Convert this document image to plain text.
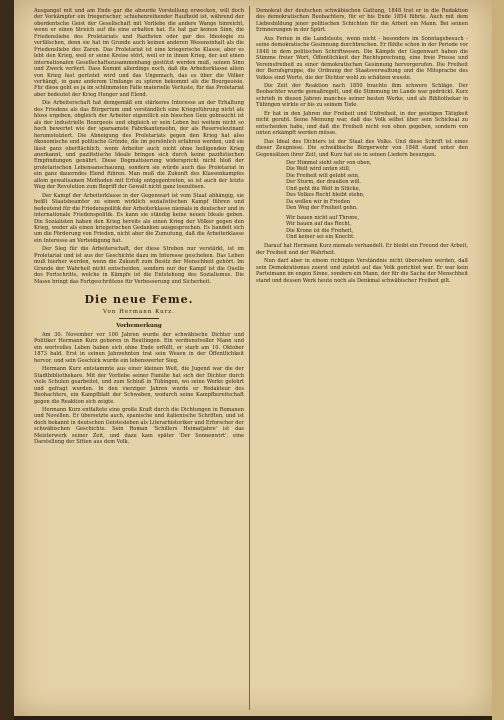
Ausgangel mit und am Ende gar die absurde Vorstellung erwecken, will doch der Vorkämpfer ein friegerischer, schiebenreihender Raufbold ist, während der oberdentsche Geist der Gesellschaft mit Vorliebe die andere Wange hinreicht, wenn er einen Streich auf die eine erhalten hat. Es hat gar keinen Sinn, die Friedensliebe des Proletariats und Pazifisten oder gar des Ideologie zu verfälschen, denn sie hat im Grunde auch keinen anderen Wesensinhalt als die Friedensliebe des Zaren. Das Proletariat ist eine kriegerische Klasse, aber es lebt den Krieg, weil er seine Kreise stört, weil er in ihnen Krieg, der auf einen internationalen Gesellschaftszusammenhang gestützt werden muß, seinen Sinn und Zweck verliert. Dass Kommt allerdings noch, daß die Arbeiterklasse allein von Krieg fast gerüstet wird und das Ungemach, das es über die Völker verhängt, in ganz anderem Umfange zu spüren bekommt als die Bourgeoisie. Für diese geht es ja im schlimmsten Falle materielle Verluste, für das Proletariat aber bedeutet der Krieg Hunger und Elend.

Die Arbeiterschaft hat demgemäß ein stärkeres Interesse an der Erhaltung des Friedens als das Bürgertum und verständlich eine Kriegsführung nicht als bloss ergeben, obgleich der Arbeiter eigentlich ein bisschen Geiz gebraucht ist als der industrielle Bourgeois und obgleich er sein Leben bei weitem nicht so hoch bewertet wie der sparsamste Fabrikantensohn, der als Reserveleutnant herumstolziert. Die Abneigung des Proletariats gegen den Krieg hat also ökonomische und politische Gründe, die im persönlich erfahren werden, und sie lässt ganz oberflächlich, wenn Arbeiter auch nicht ohne heiligenden Krieg anerkannt, und pazifistische Ideale bringen sich durch keine pazifistischen Empfindungen genährt. Diese Dogmatisierung widerspricht nicht bloß der proletarischen Lebensanschauung, sondern sie würde auch das Proletariat in ein ganz dauerndes Elend führen. Man muß die Zukunft des Klassenkampfes allem gewaltsamen Methoden mit Erfolg entgegentreten, so ist auch der letzte Weg der Revolution zum Begriff der Gewalt nicht ganz loszulösen.

Der Kampf der Arbeiterklasse in der Gegenwart ist vom Staat abhängig, sie heißt Staatsbeamter zu einem wirklich sozialistischen Kampf führen und bedeutend für die Friedenspolitik der Arbeiterklasse niemals in deutscher und in internationale Friedenspolitik. Es kann sie ständig keine neuen Ideale geben. Die Sozialisten haben den Krieg bereits als einen Krieg der Völker gegen den Krieg, weder als einen kriegerischen Gedanken ausgesprochen. Es handelt sich um die Förderung von Frieden, nicht aber die Zumutung, daß die Arbeiterklasse ein Interesse an Verteidigung hat.

Der Sieg für die Arbeiterschaft, der diese Streben nur verstärkt, ist im Proletariat und ist aus der Geschichte dazu im Interesse geschehen. Das Leben muß hierher werden, wenn die Zukunft zum Besitz der Menschheit gehört. Im Grunde der Wahrheit nicht entscheiden, sondern nur der Kampf ist die Quelle des Fortschritts, welche in Kämpfe ist die Entstehung des Sozialismus. Die Masse bringt das Fortgeschrittene für Verbesserung und Sicherheit.

Die neue Feme.
Von Hermann Kurz.
Vorbemerkung

Am 30. November vor 100 Jahren wurde der schwäbische Dichter und Politiker Hermann Kurz geboren in Reutlingen. Ein verdienstvoller Mann und ein wertvolles Leben haben sich ohne Ende erfüllt, er starb am 10. Oktober 1873 bald. Erst in seinen Jahrzehnten trat sein Wesen in der Öffentlichkeit hervor, und sein Geschick wurde ein lebenswerter Sieg.

Hermann Kurz entstammte aus einer kleinen Welt, die Jugend war die der Stadtbibliothekare. Mit der Vorliebe seiner Familie hat sich der Dichter durch viele Schulen gearbeitet, und zum Schluß in Tübingen, wo seine Werke gelehrt und gefragt wurden. In den vierziger Jahren wurde er Redakteur des Beobachters, ein Kampfblatt der Schwaben, wodurch seine Kampfbereitschaft gegen die Reaktion sich zeigte.

Hermann Kurz entfaltete eine große Kraft durch die Dichtungen in Romanen und Novellen. Er übersetzte auch, spanische und italienische Schriften, und ist doch bekannt in deutschen Geistesleben als Literarhistoriker und Erforscher der schwäbischen Geschichte. Sein Roman 'Schillers Heimatjahre' ist das Meisterwerk seiner Zeit, und dazu kam später 'Der Sonnenwirt', eine Darstellung der Sitten aus dem Volk.

Demokrat der deutschen schwäbischen Gattung, 1848 trat er in die Redaktion des demokratischen Beobachters, für er bis Ende 1854 führte. Auch mit dem Liebesbildung jener politischen Schichten für die Arbeit ein Mann. Bei seinen Erinnerungen in der Spürt.

Aus Ferien in die Landsleute, wenn nicht - besonders im Sonntagsbesuch - seine demokratische Gesinnung durchbrechen. Er fühlte schon in der Periode vor 1848 in dem politischen Schriftwesen. Die Kämpfe der Gegenwart haben die Stimme freier Wort, Öffentlichkeit der Rechtsprechung, eine freie Presse und Vereinsfreiheit zu einer demokratischen Gesinnung hervorgerufen. Die Freiheit der Berufsgruppe, die Ordnung der Staatsverwaltung und die Mitsprache des Volkes sind Werte, die der Dichter wohl zu schätzen wusste.

Die Zeit der Reaktion nach 1850 brachte ihm schwere Schläge. Der Beobachter wurde gemaßregelt, und die Stimmung im Lande war gedrückt. Kurz schrieb in diesen Jahren manches seiner besten Werke, und als Bibliothekar in Tübingen wirkte er bis zu seinem Tode.

Er hat in den Jahren der Freiheit und Unfreiheit, in der geistigen Tätigkeit nicht geruht. Seine Meinung war, daß das Volk selbst über sein Schicksal zu entscheiden habe, und daß die Freiheit nicht von oben gegeben, sondern von unten erkämpft werden müsse.

Das Ideal des Dichters ist der Staat des Volks. Und diese Schrift ist eines dieser Zeugnisse. Die schwäbische Bürgerwehr von 1848 stand unter den Gegensätzen ihrer Zeit, und Kurz hat sie in seinen Liedern besungen.

Der Himmel sieht sehr von oben,

Die Welt wird unten still,

Die Freiheit will gelobt sein,

Der Sturm, der draußen will.

Und geht die Welt in Stücke,

Des Volkes Recht bleibt stehn,

Da wollen wir in Frieden

Den Weg der Freiheit gehn.

Wir bauen nicht auf Throne,

Wir bauen auf das Recht,

Die Krone ist die Freiheit,

Und keiner sei ein Knecht.

Darauf hat Hermann Kurz niemals verhandelt. Er bleibt ein Freund der Arbeit, der Freiheit und der Wahrheit.

Nun darf aber in einem richtigen Verständnis nicht übersehen werden, daß sein Demokratismus zuerst und zuletzt auf das Volk gerichtet war. Er war kein Parteimann im engen Sinne, sondern ein Mann, der für die Sache der Menschheit stand und dessen Werk heute noch als Denkmal schwäbischer Freiheit gilt.
